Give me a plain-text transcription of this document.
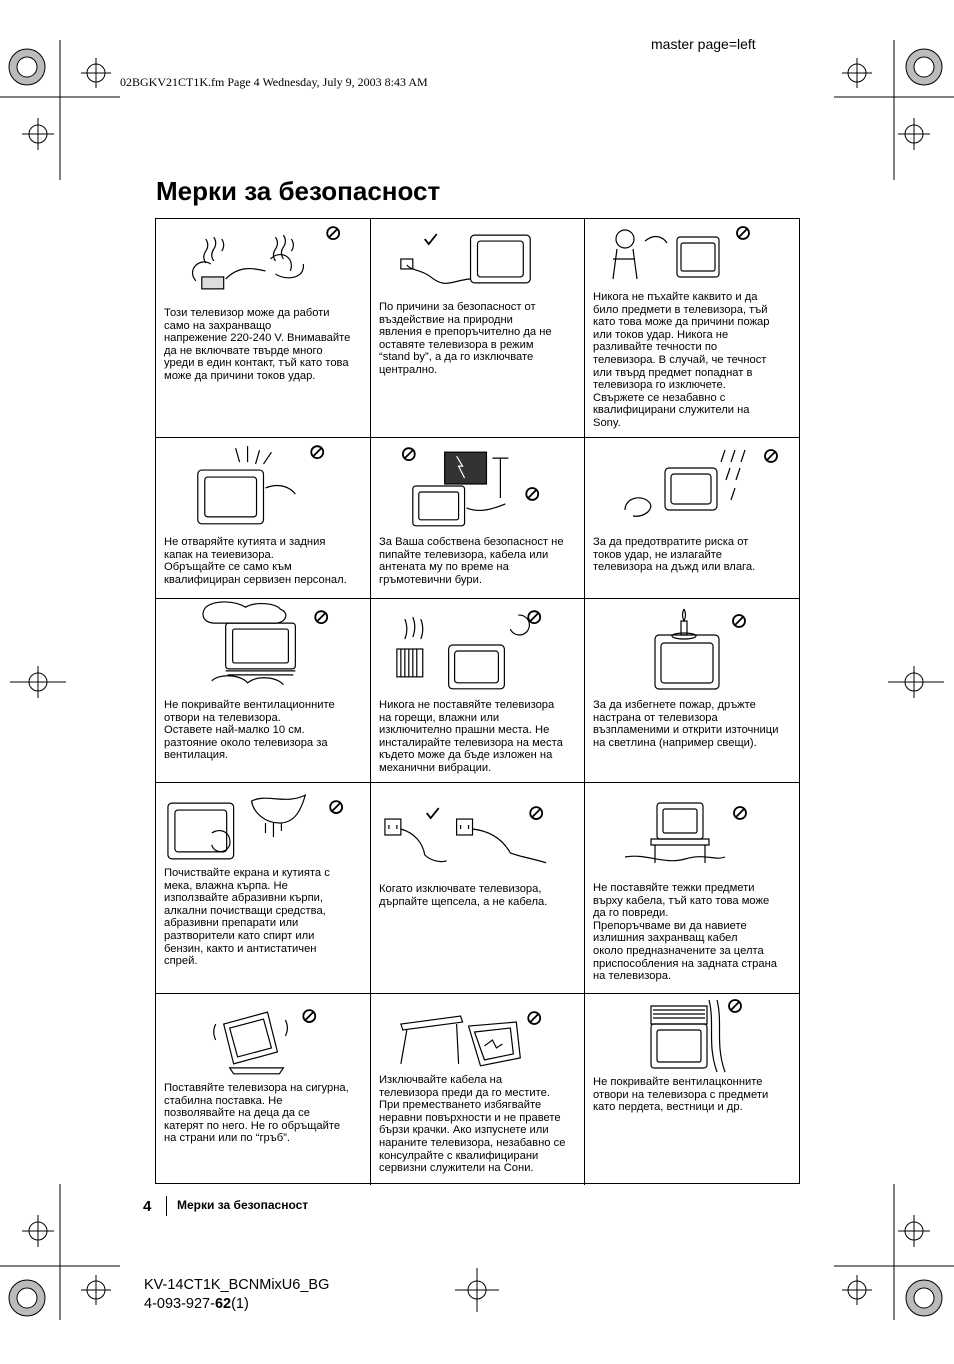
master page=left
02BGKV21CT1K.fm Page 4 Wednesday, July 9, 2003 8:43 AM
Мерки за безопасност
Този телевизор може да работи
само на захранващо
напрежение 220-240 V. Внимавайте
да не включвате твърде много
уреди в един контакт, тъй като това
може да причини токов удар.
По причини за безопасност от
въздействие на природни
явления е препоръчително да не
оставяте телевизора в режим
“stand by”, а да го изключвате
централно.
Никога не пъхайте каквито и да
било предмети в телевизора, тъй
като това може да причини пожар
или токов удар. Никога не
разливайте течности по
телевизора. В случай, че течност
или твърд предмет попаднат в
телевизора го изключете.
Свържете се незабавно с
квалифицирани служители на
Sony.
Не отваряйте кутията и задния
капак на теиевизора.
Обръщайте се само към
квалифициран сервизен персонал.
За Ваша собствена безопасност не
пипайте телевизора, кабела или
антената му по време на
гръмотевични бури.
За да предотвратите риска от
токов удар, не излагайте
телевизора на дъжд или влага.
Не покривайте вентилационните
отвори на телевизора.
Оставете най-малко 10 см.
разтояние около телевизора за
вентилация.
Никога не поставяйте телевизора
на горещи, влажни или
изключително прашни места. Не
инсталирайте телевизора на места
където може да бъде изложен на
механични вибрации.
За да избегнете пожар, дръжте
настрана от телевизора
възпламеними и открити източници
на светлина (например свещи).
Почиствайте екрана и кутията с
мека, влажна кърпа. Не
използвайте абразивни кърпи,
алкални почистващи средства,
абразивни препарати или
разтворители като спирт или
бензин, както и антистатичен
спрей.
Когато изключвате телевизора,
дърпайте щепсела, а не кабела.
Не поставяйте тежки предмети
върху кабела, тъй като това може
да го повреди.
Препоръчваме ви да навиете
излишния захранващ кабел
около предназначените за целта
приспособления на задната страна
на телевизора.
Поставяйте телевизора на сигурна,
стабилна поставка. Не
позволявайте на деца да се
катерят по него. Не го обръщайте
на страни или по “гръб”.
Изключвайте кабела на
телевизора преди да го местите.
При преместването избягвайте
неравни повърхности и не правете
бързи крачки. Ако изпуснете или
нараните телевизора, незабавно се
консулрайте с квалифицирани
сервизни служители на Сони.
Не покривайте вентилацконните
отвори на телевизора с предмети
като пердета, вестници и др.
4 Мерки за безопасност
KV-14CT1K_BCNMixU6_BG
4-093-927-62(1)
